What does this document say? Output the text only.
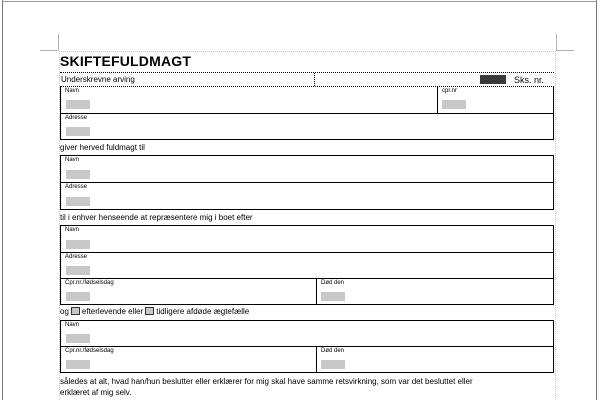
SKIFTEFULDMAGT
Underskrevne arving	Sks. nr.
Navn	cpr.nr
Adresse
giver herved fuldmagt til
Navn
Adresse
til i enhver henseende at repræsentere mig i boet efter
Navn
Adresse
Cpr.nr./fødselsdag	Død den
og efterlevende eller tidligere afdøde ægtefælle
Navn
Cpr.nr./fødselsdag	Død den
således at alt, hvad han/hun beslutter eller erklærer for mig skal have samme retsvirkning, som var det besluttet eller
erklæret af mig selv.
